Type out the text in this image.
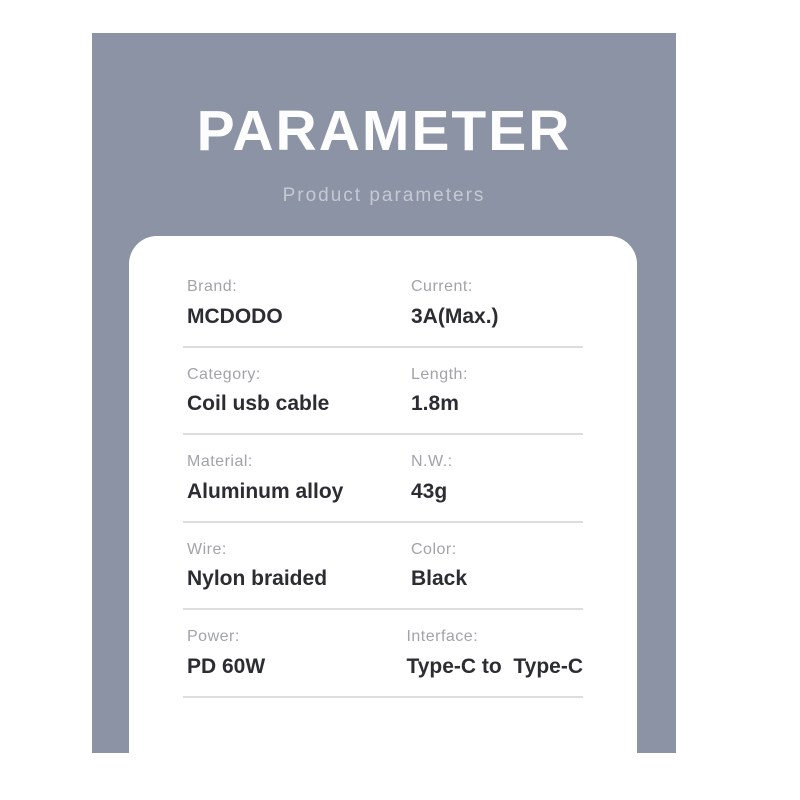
PARAMETER

Product parameters

Brand:
MCDODO
Current:
3A(Max.)
Category:
Coil usb cable
Length:
1.8m
Material:
Aluminum alloy
N.W.:
43g
Wire:
Nylon braided
Color:
Black
Power:
PD 60W
Interface:
Type-C to  Type-C
